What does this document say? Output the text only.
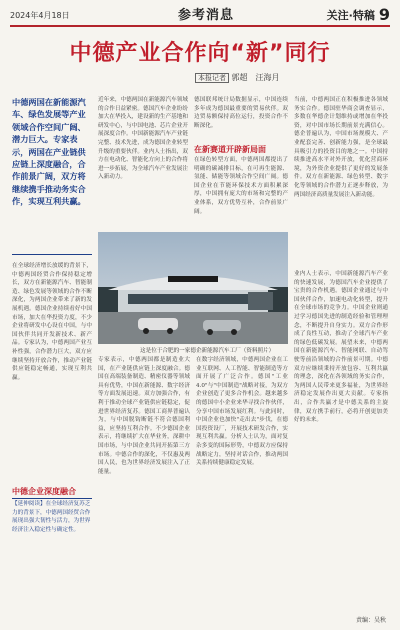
2024年4月18日	参考消息	关注·特稿 9
中德产业合作向“新”同行
本报记者 郭超　汪海月
中德两国在新能源汽车、绿色发展等产业领域合作空间广阔、潜力巨大。专家表示，两国在产业链供应链上深度融合，合作前景广阔，双方将继续携手推动务实合作，实现互利共赢。
在全球经济增长放缓的背景下，中德两国经贸合作保持稳定增长，双方在新能源汽车、智能制造、绿色发展等领域的合作不断深化，为两国企业带来了新的发展机遇。德国企业持续看好中国市场，加大在华投资力度，不少企业将研发中心设在中国，与中国伙伴共同开发新技术、新产品。专家认为，中德两国产业互补性强，合作潜力巨大，双方应继续坚持开放合作，推动产业链供应链稳定畅通，实现互利共赢。
中德企业深度融合
【延伸阅读】在全球经济复苏乏力的背景下，中德两国经贸合作展现出强大韧性与活力，为世界经济注入稳定性与确定性。
近年来，中德两国在新能源汽车领域的合作日益紧密。德国汽车企业纷纷加大在华投入，建设新的生产基地和研发中心，与中国电池、芯片企业开展深度合作。中国新能源汽车产业链完整、技术先进，成为德国企业转型升级的重要伙伴。业内人士指出，双方在电动化、智能化方向上的合作将进一步拓展，为全球汽车产业发展注入新动力。
德国联邦统计局数据显示，中国连续多年成为德国最重要的贸易伙伴。双边贸易额保持高位运行，投资合作不断深化。
在新赛道开辟新局面
在绿色转型方面，中德两国都提出了明确的碳减排目标，在可再生能源、氢能、储能等领域合作空间广阔。德国企业在节能环保技术方面积累深厚，中国拥有庞大的市场和完整的产业体系，双方优势互补，合作前景广阔。
这是位于合肥的一家德企新能源汽车工厂（资料照片）
专家表示，中德两国都是制造业大国，在产业链供应链上深度融合。德国在高端装备制造、精密仪器等领域具有优势，中国在新能源、数字经济等方面发展迅速。双方加强合作，有利于推动全球产业链供应链稳定，促进世界经济复苏。德国工商界普遍认为，与中国脱钩断链不符合德国利益，应坚持互利合作。不少德国企业表示，将继续扩大在华业务，深耕中国市场，与中国企业共同开拓第三方市场。中德合作的深化，不仅惠及两国人民，也为世界经济发展注入了正能量。
在数字经济领域，中德两国企业在工业互联网、人工智能、智能制造等方面开展了广泛合作。德国"工业4.0"与"中国制造"战略对接，为双方企业创造了更多合作机会。越来越多的德国中小企业来华寻找合作伙伴，分享中国市场发展红利。与此同时，中国企业也加快"走出去"步伐，在德国投资设厂，开展技术研发合作，实现互利共赢。分析人士认为，面对复杂多变的国际形势，中德双方应保持战略定力，坚持对话合作，推动两国关系持续健康稳定发展。
当前，中德两国正在积极推进各领域务实合作。德国驻华商会调查显示，多数在华德企计划维持或增加在华投资，对中国市场长期前景充满信心。德企普遍认为，中国市场规模大、产业配套完善、创新能力强，是全球最具吸引力的投资目的地之一。中国持续推进高水平对外开放，优化营商环境，为外资企业提供了更好的发展条件。双方在新能源、绿色转型、数字化等领域的合作潜力正逐步释放，为两国经济高质量发展注入新动能。
业内人士表示，中国新能源汽车产业的快速发展，为德国汽车企业提供了宝贵的合作机遇。德国企业通过与中国伙伴合作，加速电动化转型，提升在全球市场的竞争力。中国企业则通过学习德国先进的制造经验和管理理念，不断提升自身实力。双方合作形成了良性互动，推动了全球汽车产业的绿色低碳发展。展望未来，中德两国在新能源汽车、智能网联、自动驾驶等前沿领域的合作前景可期。中德双方应继续秉持开放包容、互利共赢的理念，深化在各领域的务实合作，为两国人民带来更多福祉，为世界经济稳定发展作出更大贡献。专家指出，合作共赢才是中德关系的主旋律，双方携手前行，必将开创更加美好的未来。
责编：吴秋
